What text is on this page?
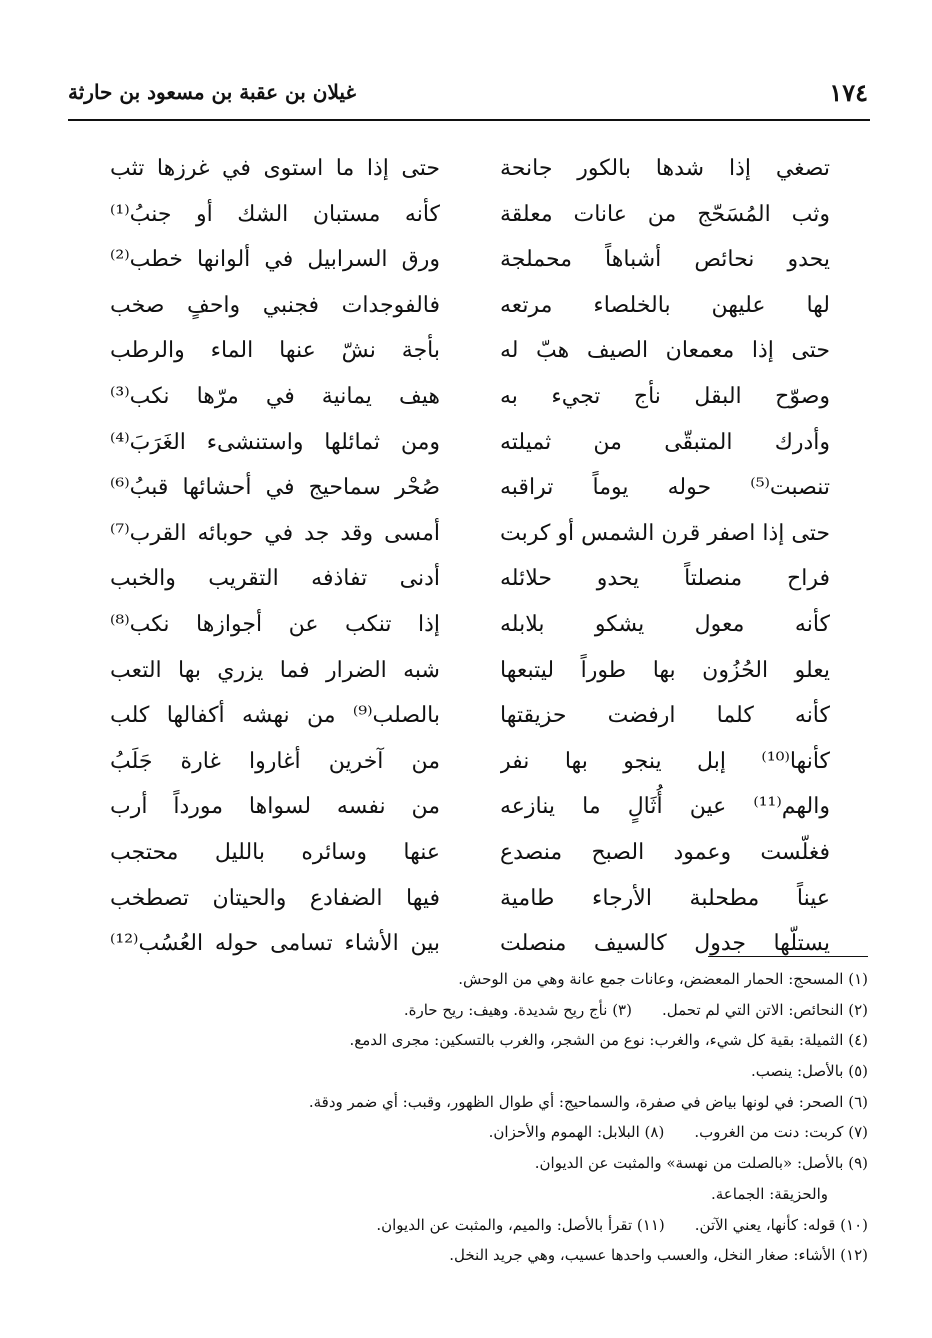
١٧٤
غيلان بن عقبة بن مسعود بن حارثة
تصغي إذا شدها بالكور جانحة
حتى إذا ما استوى في غرزها تثب
وثب المُسَحّج من عانات معلقة
كأنه مستبان الشك أو جنبُ⁽¹⁾
يحدو نحائص أشباهاً محملجة
ورق السرابيل في ألوانها خطب⁽²⁾
لها عليهن بالخلصاء مرتعه
فالفوجدات فجنبي واحفٍ صخب
حتى إذا معمعان الصيف هبّ له
بأجة نشّ عنها الماء والرطب
وصوّح البقل نأج تجيء به
هيف يمانية في مرّها نكب⁽³⁾
وأدرك المتبقّى من ثميلته
ومن ثمائلها واستنشىء الغَرَبَ⁽⁴⁾
تنصبت⁽⁵⁾ حوله يوماً تراقبه
صُحْر سماحيج في أحشائها قببُ⁽⁶⁾
حتى إذا اصفر قرن الشمس أو كربت
أمسى وقد جد في حوبائه القرب⁽⁷⁾
فراح منصلتاً يحدو حلائله
أدنى تفاذفه التقريب والخبب
كأنه معول يشكو بلابله
إذا تنكب عن أجوازها نكب⁽⁸⁾
يعلو الحُزُون بها طوراً ليتبعها
شبه الضرار فما يزري بها التعب
كأنه كلما ارفضت حزيقتها
بالصلب⁽⁹⁾ من نهشه أكفالها كلب
كأنها⁽¹⁰⁾ إبل ينجو بها نفر
من آخرين أغاروا غارة جَلَبُ
والهم⁽¹¹⁾ عين أُثَالٍ ما ينازعه
من نفسه لسواها مورداً أرب
فغلّست وعمود الصبح منصدع
عنها وسائره بالليل محتجب
عيناً مطحلبة الأرجاء طامية
فيها الضفادع والحيتان تصطخب
يستلّها جدول كالسيف منصلت
بين الأشاء تسامى حوله العُسُب⁽¹²⁾
(١) المسحج: الحمار المعضض، وعانات جمع عانة وهي من الوحش.
(٢) النحائص: الاتن التي لم تحمل.(٣) نأج ريح شديدة. وهيف: ريح حارة.
(٤) الثميلة: بقية كل شيء، والغرب: نوع من الشجر، والغرب بالتسكين: مجرى الدمع.
(٥) بالأصل: ينصب.
(٦) الصحر: في لونها بياض في صفرة، والسماحيج: أي طوال الظهور، وقبب: أي ضمر ودقة.
(٧) كربت: دنت من الغروب.(٨) البلابل: الهموم والأحزان.
(٩) بالأصل: «بالصلت من نهسة» والمثبت عن الديوان.
والحزيقة: الجماعة.
(١٠) قوله: كأنها، يعني الآتن.(١١) تقرأ بالأصل: والميم، والمثبت عن الديوان.
(١٢) الأشاء: صغار النخل، والعسب واحدها عسيب، وهي جريد النخل.
